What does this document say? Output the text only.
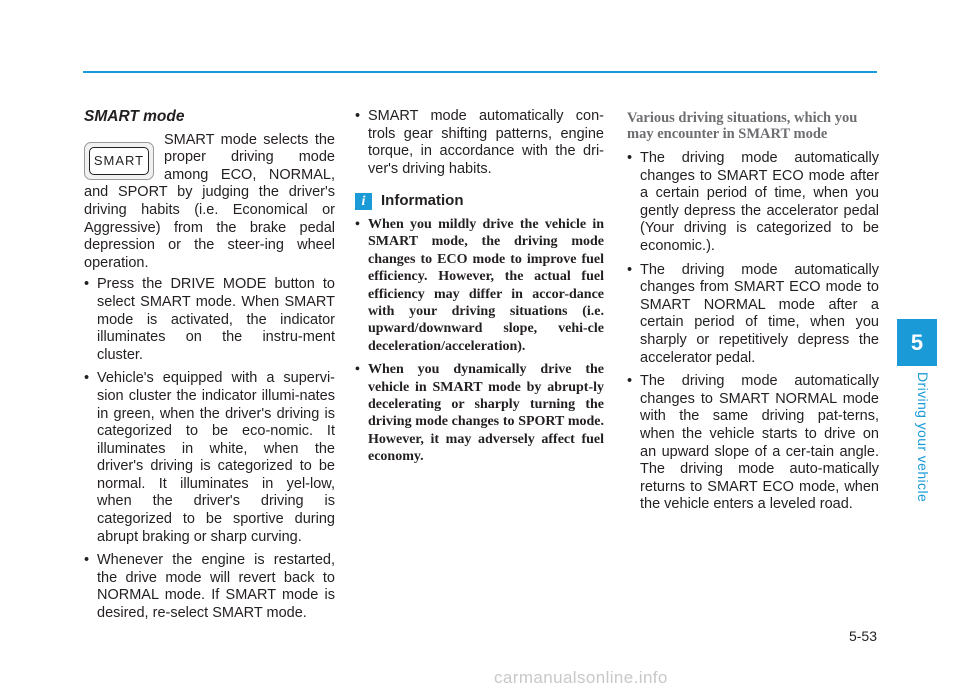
SMART mode
SMART

SMART mode selects the proper driving mode among ECO, NORMAL, and SPORT by judging the driver's driving habits (i.e. Economical or Aggressive) from the brake pedal depression or the steer-ing wheel operation.

• Press the DRIVE MODE button to select SMART mode. When SMART mode is activated, the indicator illuminates on the instru-ment cluster.
• Vehicle's equipped with a supervi-sion cluster the indicator illumi-nates in green, when the driver's driving is categorized to be eco-nomic. It illuminates in white, when the driver's driving is categorized to be normal. It illuminates in yel-low, when the driver's driving is categorized to be sportive during abrupt braking or sharp curving.
• Whenever the engine is restarted, the drive mode will revert back to NORMAL mode. If SMART mode is desired, re-select SMART mode.
• SMART mode automatically con-trols gear shifting patterns, engine torque, in accordance with the dri-ver's driving habits.
i	Information
• When you mildly drive the vehicle in SMART mode, the driving mode changes to ECO mode to improve fuel efficiency. However, the actual fuel efficiency may differ in accor-dance with your driving situations (i.e. upward/downward slope, vehi-cle deceleration/acceleration).
• When you dynamically drive the vehicle in SMART mode by abrupt-ly decelerating or sharply turning the driving mode changes to SPORT mode. However, it may adversely affect fuel economy.
Various driving situations, which you may encounter in SMART mode
• The driving mode automatically changes to SMART ECO mode after a certain period of time, when you gently depress the accelerator pedal (Your driving is categorized to be economic.).
• The driving mode automatically changes from SMART ECO mode to SMART NORMAL mode after a certain period of time, when you sharply or repetitively depress the accelerator pedal.
• The driving mode automatically changes to SMART NORMAL mode with the same driving pat-terns, when the vehicle starts to drive on an upward slope of a cer-tain angle. The driving mode auto-matically returns to SMART ECO mode, when the vehicle enters a leveled road.
5
Driving your vehicle
5-53
carmanualsonline.info
